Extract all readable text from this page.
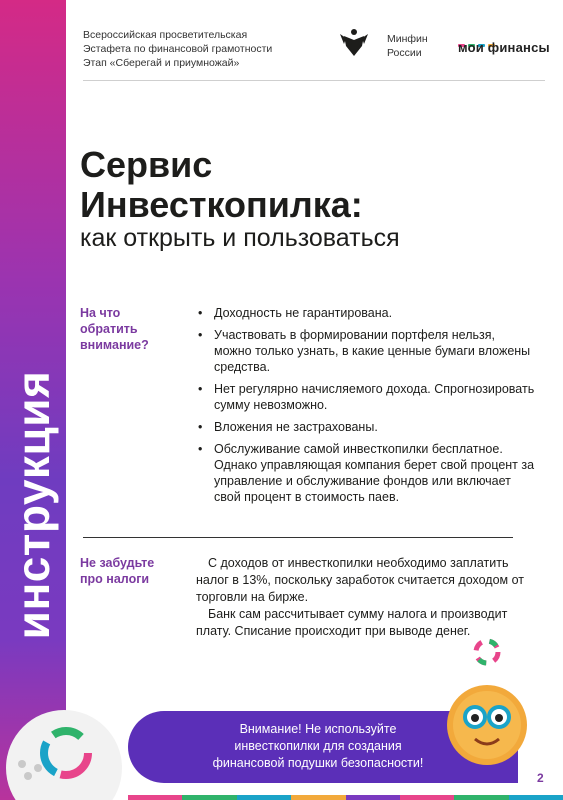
инструкция
Всероссийская просветительская
Эстафета по финансовой грамотности
Этап «Сберегай и приумножай»
Минфин
России	мои финансы
Сервис
Инвесткопилка:
как открыть и пользоваться
На что
обратить
внимание?
• Доходность не гарантирована.
• Участвовать в формировании портфеля нельзя, можно только узнать, в какие ценные бумаги вложены средства.
• Нет регулярно начисляемого дохода. Спрогнозировать сумму невозможно.
• Вложения не застрахованы.
• Обслуживание самой инвесткопилки бесплатное. Однако управляющая компания берет свой процент за управление и обслуживание фондов или включает свой процент в стоимость паев.
Не забудьте
про налоги

С доходов от инвесткопилки необходимо заплатить налог в 13%, поскольку заработок считается доходом от торговли на бирже.

Банк сам рассчитывает сумму налога и производит плату. Списание происходит при выводе денег.

Внимание! Не используйте инвесткопилки для создания финансовой подушки безопасности!
2
